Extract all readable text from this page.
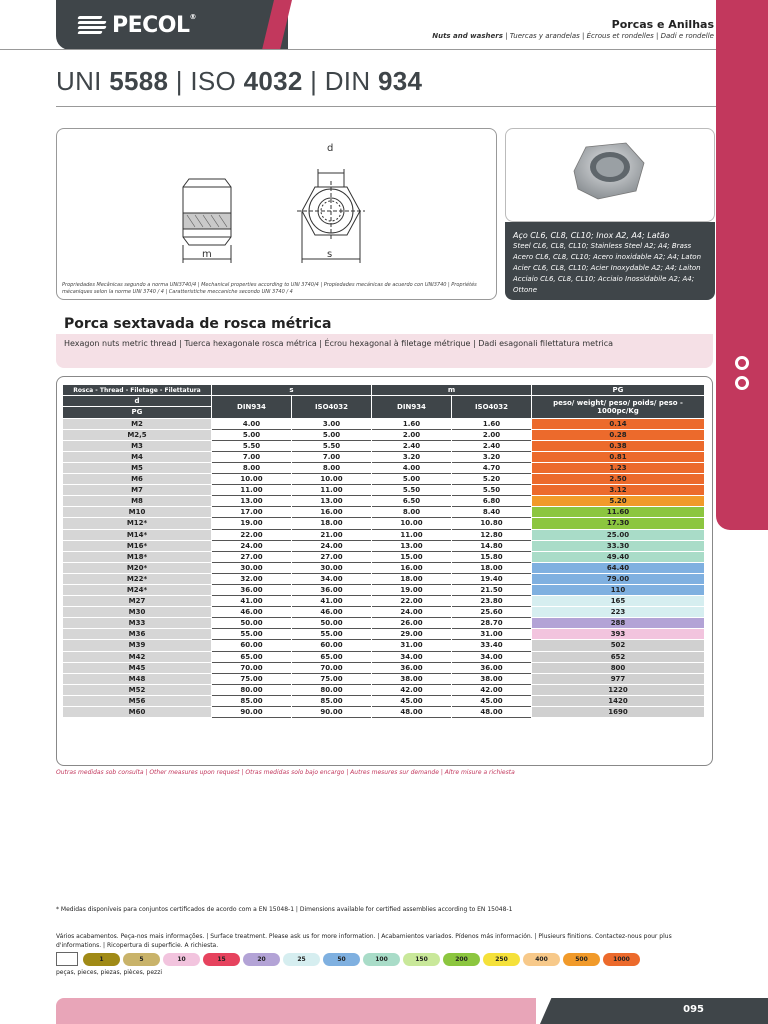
PECOL®
Porcas e Anilhas
Nuts and washers | Tuercas y arandelas | Écrous et rondelles | Dadi e rondelle
UNI 5588 | ISO 4032 | DIN 934
m
d
s
Propriedades Mecânicas segundo a norma UNI3740/4 | Mechanical properties according to UNI 3740/4 | Propiedades mecánicas de acuerdo con UNI3740 | Propriétés mécaniques selon la norme UNI 3740 / 4 | Caratteristiche meccaniche secondo UNI 3740 / 4
Aço CL6, CL8, CL10; Inox A2, A4; Latão
Steel CL6, CL8, CL10; Stainless Steel A2; A4; Brass
Acero CL6, CL8, CL10; Acero inoxidable A2; A4; Laton
Acier CL6, CL8, CL10; Acier Inoxydable A2; A4; Laiton
Acciaio CL6, CL8, CL10; Acciaio Inossidabile A2; A4; Ottone
Porca sextavada de rosca métrica
Hexagon nuts metric thread | Tuerca hexagonale rosca métrica | Écrou hexagonal à filetage métrique | Dadi esagonali filettatura metrica
Rosca - Thread - Filetage - Filettatura	s		m		PG
d	DIN934	ISO4032	DIN934	ISO4032	peso/ weight/ peso/ poids/ peso - 1000pc/Kg
PG					
M2	4.00	3.00	1.60	1.60	0.14
M2,5	5.00	5.00	2.00	2.00	0.28
M3	5.50	5.50	2.40	2.40	0.38
M4	7.00	7.00	3.20	3.20	0.81
M5	8.00	8.00	4.00	4.70	1.23
M6	10.00	10.00	5.00	5.20	2.50
M7	11.00	11.00	5.50	5.50	3.12
M8	13.00	13.00	6.50	6.80	5.20
M10	17.00	16.00	8.00	8.40	11.60
M12*	19.00	18.00	10.00	10.80	17.30
M14*	22.00	21.00	11.00	12.80	25.00
M16*	24.00	24.00	13.00	14.80	33.30
M18*	27.00	27.00	15.00	15.80	49.40
M20*	30.00	30.00	16.00	18.00	64.40
M22*	32.00	34.00	18.00	19.40	79.00
M24*	36.00	36.00	19.00	21.50	110
M27	41.00	41.00	22.00	23.80	165
M30	46.00	46.00	24.00	25.60	223
M33	50.00	50.00	26.00	28.70	288
M36	55.00	55.00	29.00	31.00	393
M39	60.00	60.00	31.00	33.40	502
M42	65.00	65.00	34.00	34.00	652
M45	70.00	70.00	36.00	36.00	800
M48	75.00	75.00	38.00	38.00	977
M52	80.00	80.00	42.00	42.00	1220
M56	85.00	85.00	45.00	45.00	1420
M60	90.00	90.00	48.00	48.00	1690
Outras medidas sob consulta | Other measures upon request | Otras medidas solo bajo encargo | Autres mesures sur demande | Altre misure a richiesta
* Medidas disponíveis para conjuntos certificados de acordo com a EN 15048-1 | Dimensions available for certified assemblies according to EN 15048-1
Vários acabamentos. Peça-nos mais informações. | Surface treatment. Please ask us for more information. | Acabamientos variados. Pídenos más información. | Plusieurs finitions. Contactez-nous pour plus d'informations. | Ricopertura di superficie. A richiesta.
1	5	10	15	20	25	50	100	150	200	250	400	500	1000
peças, pieces, piezas, pièces, pezzi
095
